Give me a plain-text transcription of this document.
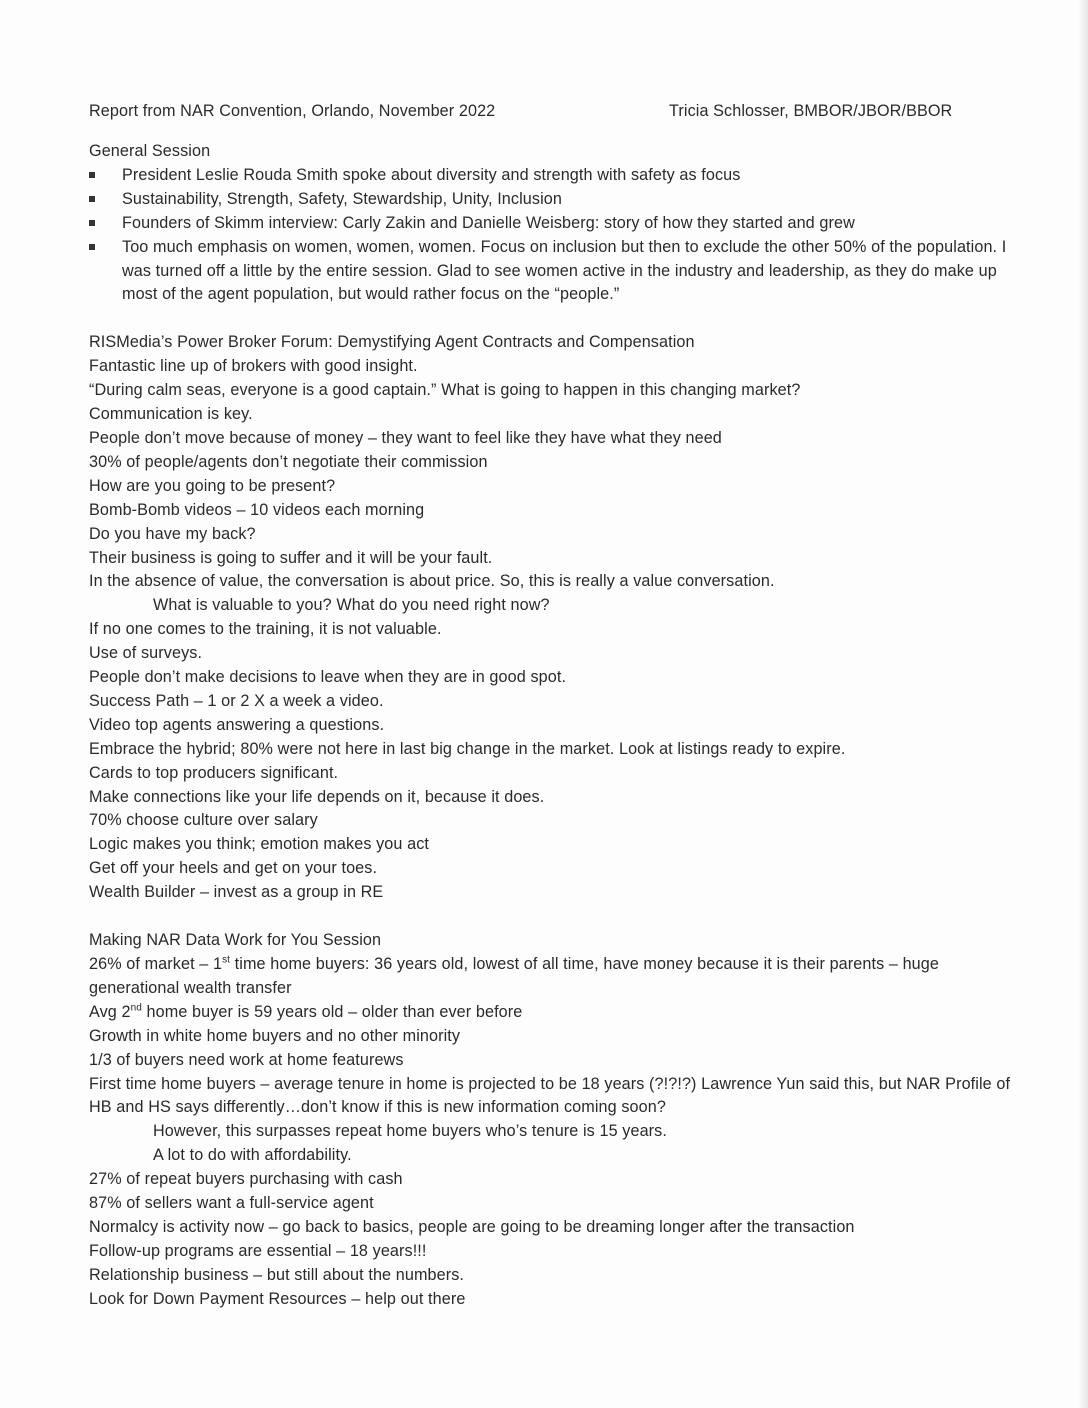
Report from NAR Convention, Orlando, November 2022	Tricia Schlosser, BMBOR/JBOR/BBOR
General Session
President Leslie Rouda Smith spoke about diversity and strength with safety as focus
Sustainability, Strength, Safety, Stewardship, Unity, Inclusion
Founders of Skimm interview: Carly Zakin and Danielle Weisberg: story of how they started and grew
Too much emphasis on women, women, women. Focus on inclusion but then to exclude the other 50% of the population. I was turned off a little by the entire session. Glad to see women active in the industry and leadership, as they do make up most of the agent population, but would rather focus on the “people.”
RISMedia’s Power Broker Forum: Demystifying Agent Contracts and Compensation
Fantastic line up of brokers with good insight.
“During calm seas, everyone is a good captain.” What is going to happen in this changing market?
Communication is key.
People don’t move because of money – they want to feel like they have what they need
30% of people/agents don’t negotiate their commission
How are you going to be present?
Bomb-Bomb videos – 10 videos each morning
Do you have my back?
Their business is going to suffer and it will be your fault.
In the absence of value, the conversation is about price. So, this is really a value conversation.
What is valuable to you? What do you need right now?
If no one comes to the training, it is not valuable.
Use of surveys.
People don’t make decisions to leave when they are in good spot.
Success Path – 1 or 2 X a week a video.
Video top agents answering a questions.
Embrace the hybrid; 80% were not here in last big change in the market. Look at listings ready to expire.
Cards to top producers significant.
Make connections like your life depends on it, because it does.
70% choose culture over salary
Logic makes you think; emotion makes you act
Get off your heels and get on your toes.
Wealth Builder – invest as a group in RE
Making NAR Data Work for You Session
26% of market – 1st time home buyers: 36 years old, lowest of all time, have money because it is their parents – huge generational wealth transfer
Avg 2nd home buyer is 59 years old – older than ever before
Growth in white home buyers and no other minority
1/3 of buyers need work at home featurews
First time home buyers – average tenure in home is projected to be 18 years (?!?!?) Lawrence Yun said this, but NAR Profile of HB and HS says differently…don’t know if this is new information coming soon?
However, this surpasses repeat home buyers who’s tenure is 15 years.
A lot to do with affordability.
27% of repeat buyers purchasing with cash
87% of sellers want a full-service agent
Normalcy is activity now – go back to basics, people are going to be dreaming longer after the transaction
Follow-up programs are essential – 18 years!!!
Relationship business – but still about the numbers.
Look for Down Payment Resources – help out there
